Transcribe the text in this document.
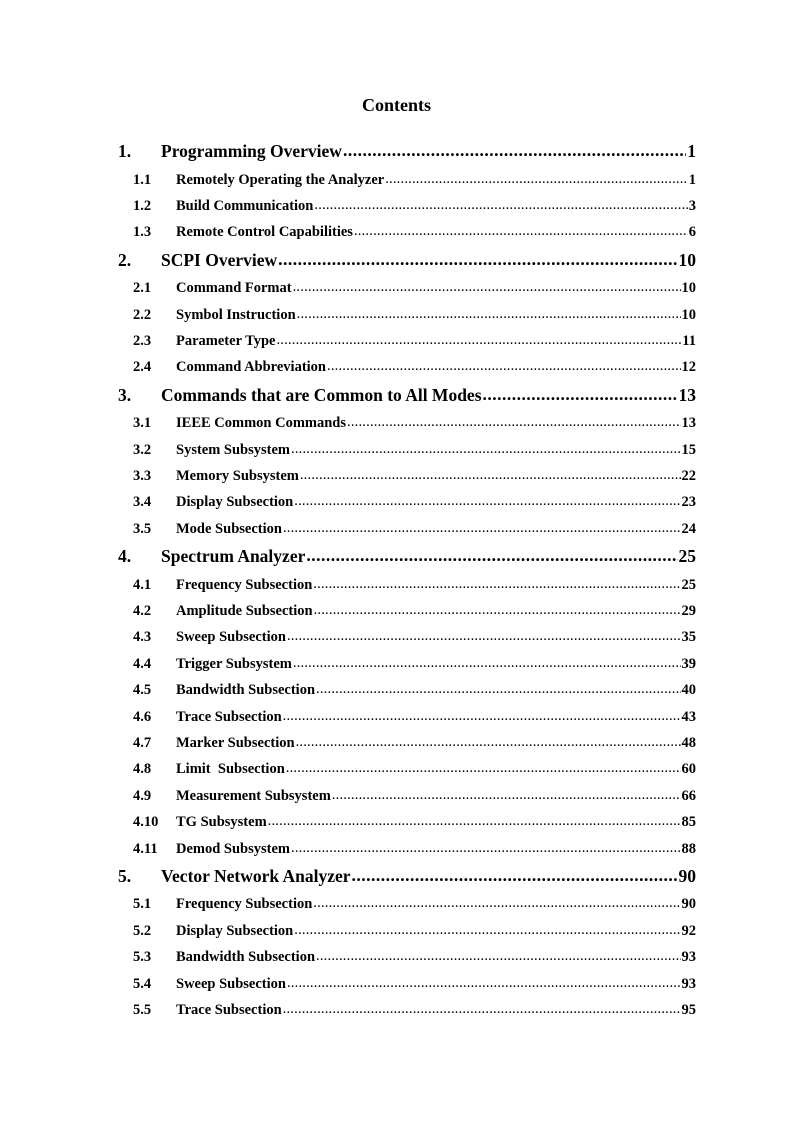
Contents
1.	Programming Overview .....	1
1.1	Remotely Operating the Analyzer .....	1
1.2	Build Communication .....	3
1.3	Remote Control Capabilities .....	6
2.	SCPI Overview .....	10
2.1	Command Format .....	10
2.2	Symbol Instruction .....	10
2.3	Parameter Type .....	11
2.4	Command Abbreviation .....	12
3.	Commands that are Common to All Modes .....	13
3.1	IEEE Common Commands .....	13
3.2	System Subsystem .....	15
3.3	Memory Subsystem .....	22
3.4	Display Subsection .....	23
3.5	Mode Subsection .....	24
4.	Spectrum Analyzer .....	25
4.1	Frequency Subsection .....	25
4.2	Amplitude Subsection .....	29
4.3	Sweep Subsection .....	35
4.4	Trigger Subsystem .....	39
4.5	Bandwidth Subsection .....	40
4.6	Trace Subsection .....	43
4.7	Marker Subsection .....	48
4.8	Limit  Subsection .....	60
4.9	Measurement Subsystem .....	66
4.10	TG Subsystem .....	85
4.11	Demod Subsystem .....	88
5.	Vector Network Analyzer .....	90
5.1	Frequency Subsection .....	90
5.2	Display Subsection .....	92
5.3	Bandwidth Subsection .....	93
5.4	Sweep Subsection .....	93
5.5	Trace Subsection .....	95
